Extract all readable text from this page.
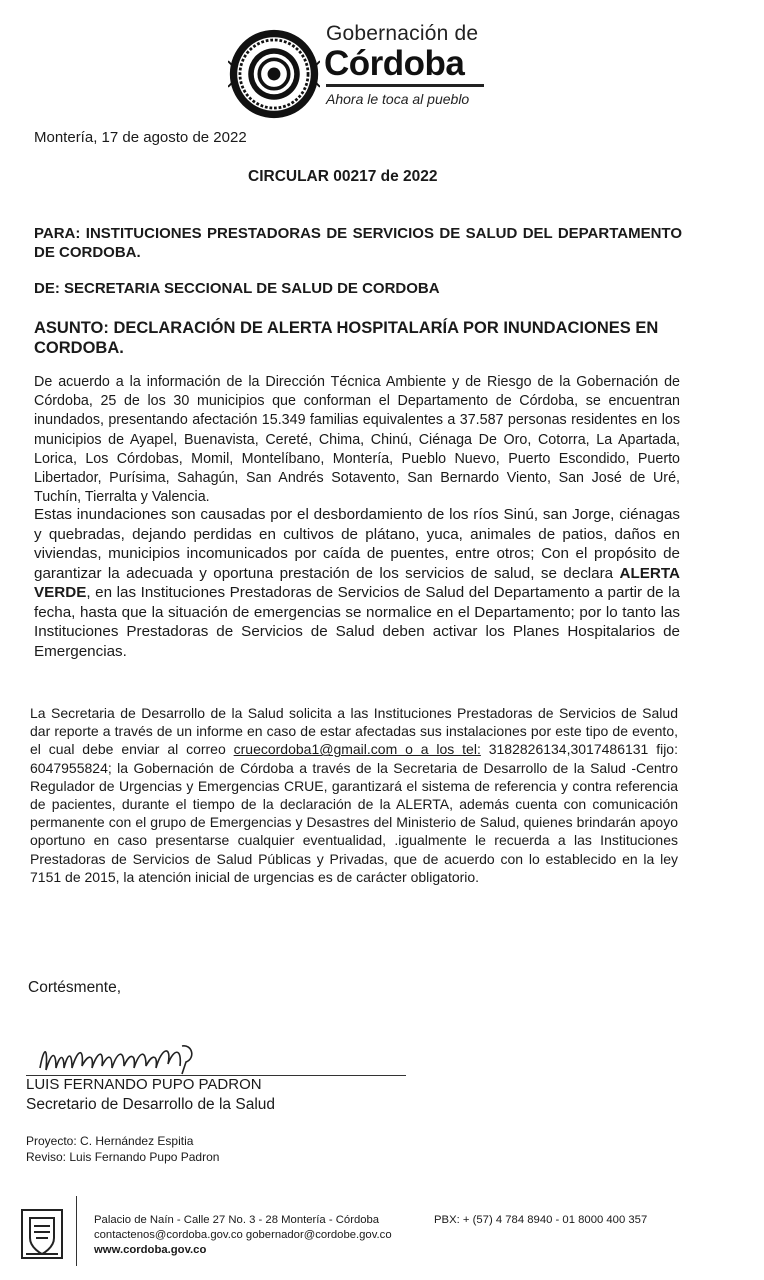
Gobernación de
Córdoba
Ahora le toca al pueblo
Montería, 17 de agosto de 2022
CIRCULAR 00217 de 2022
PARA: INSTITUCIONES PRESTADORAS DE SERVICIOS DE SALUD DEL DEPARTAMENTO DE CORDOBA.
DE: SECRETARIA SECCIONAL DE SALUD DE CORDOBA
ASUNTO: DECLARACIÓN DE ALERTA HOSPITALARÍA POR INUNDACIONES EN CORDOBA.
De acuerdo a la información de la Dirección Técnica Ambiente y de Riesgo de la Gobernación de Córdoba, 25 de los 30 municipios que conforman el Departamento de Córdoba, se encuentran inundados, presentando afectación 15.349 familias equivalentes a 37.587 personas residentes en los municipios de Ayapel, Buenavista, Cereté, Chima, Chinú, Ciénaga De Oro, Cotorra, La Apartada, Lorica, Los Córdobas, Momil, Montelíbano, Montería, Pueblo Nuevo, Puerto Escondido, Puerto Libertador, Purísima, Sahagún, San Andrés Sotavento, San Bernardo Viento, San José de Uré, Tuchín, Tierralta y Valencia.
Estas inundaciones son causadas por el desbordamiento de los ríos Sinú, san Jorge, ciénagas y quebradas, dejando perdidas en cultivos de plátano, yuca, animales de patios, daños en viviendas, municipios incomunicados por caída de puentes, entre otros; Con el propósito de garantizar la adecuada y oportuna prestación de los servicios de salud, se declara ALERTA VERDE, en las Instituciones Prestadoras de Servicios de Salud del Departamento a partir de la fecha, hasta que la situación de emergencias se normalice en el Departamento; por lo tanto las Instituciones Prestadoras de Servicios de Salud deben activar los Planes Hospitalarios de Emergencias.
La Secretaria de Desarrollo de la Salud solicita a las Instituciones Prestadoras de Servicios de Salud dar reporte a través de un informe en caso de estar afectadas sus instalaciones por este tipo de evento, el cual debe enviar al correo cruecordoba1@gmail.com o a los tel: 3182826134,3017486131 fijo: 6047955824; la Gobernación de Córdoba a través de la Secretaria de Desarrollo de la Salud -Centro Regulador de Urgencias y Emergencias CRUE, garantizará el sistema de referencia y contra referencia de pacientes, durante el tiempo de la declaración de la ALERTA, además cuenta con comunicación permanente con el grupo de Emergencias y Desastres del Ministerio de Salud, quienes brindarán apoyo oportuno en caso presentarse cualquier eventualidad, .igualmente le recuerda a las Instituciones Prestadoras de Servicios de Salud Públicas y Privadas, que de acuerdo con lo establecido en la ley 7151 de 2015, la atención inicial de urgencias es de carácter obligatorio.
Cortésmente,
LUIS FERNANDO PUPO PADRON
Secretario de Desarrollo de la Salud
Proyecto: C. Hernández Espitia
Reviso: Luis Fernando Pupo Padron
Palacio de Naín - Calle 27 No. 3 - 28 Montería - Córdoba	PBX: + (57) 4 784 8940 - 01 8000 400 357
contactenos@cordoba.gov.co gobernador@cordobe.gov.co
www.cordoba.gov.co
